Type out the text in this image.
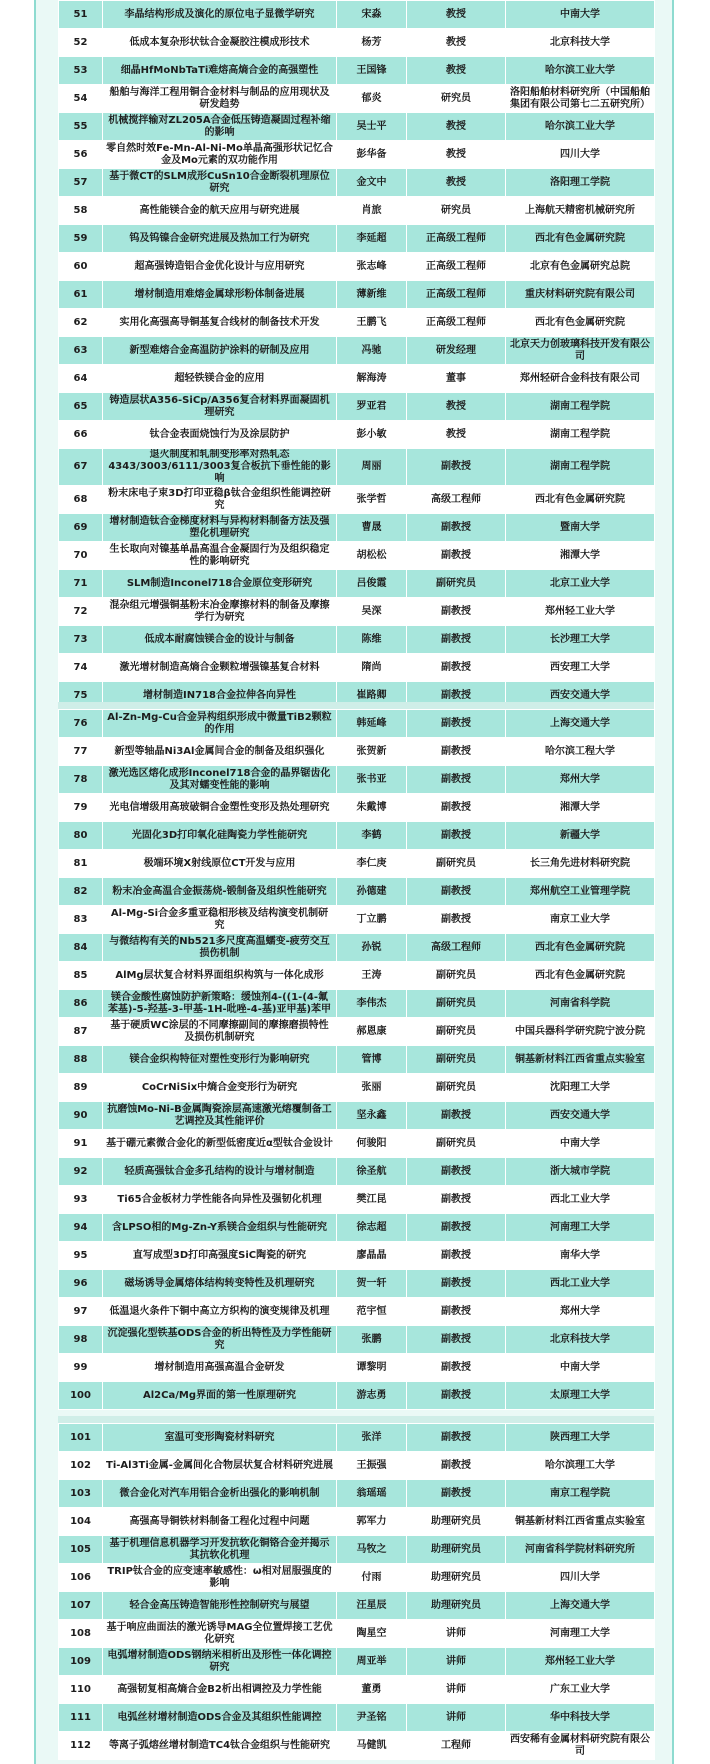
51	李晶结构形成及演化的原位电子显微学研究	宋淼	教授	中南大学
52	低成本复杂形状钛合金凝胶注模成形技术	杨芳	教授	北京科技大学
53	细晶HfMoNbTaTi难熔高熵合金的高强塑性	王国锋	教授	哈尔滨工业大学
54	船舶与海洋工程用铜合金材料与制品的应用现状及研发趋势	郁炎	研究员	洛阳船舶材料研究所（中国船舶集团有限公司第七二五研究所）
55	机械搅拌输对ZL205A合金低压铸造凝固过程补缩的影响	吴士平	教授	哈尔滨工业大学
56	零自然时效Fe-Mn-Al-Ni-Mo单晶高强形状记忆合金及Mo元素的双功能作用	彭华备	教授	四川大学
57	基于微CT的SLM成形CuSn10合金断裂机理原位研究	金文中	教授	洛阳理工学院
58	高性能镁合金的航天应用与研究进展	肖旅	研究员	上海航天精密机械研究所
59	钨及钨镍合金研究进展及热加工行为研究	李延超	正高级工程师	西北有色金属研究院
60	超高强铸造铝合金优化设计与应用研究	张志峰	正高级工程师	北京有色金属研究总院
61	增材制造用难熔金属球形粉体制备进展	薄新维	正高级工程师	重庆材料研究院有限公司
62	实用化高强高导铜基复合线材的制备技术开发	王鹏飞	正高级工程师	西北有色金属研究院
63	新型难熔合金高温防护涂料的研制及应用	冯驰	研发经理	北京天力创玻璃科技开发有限公司
64	超轻铁镁合金的应用	解海涛	董事	郑州轻研合金科技有限公司
65	铸造层状A356-SiCp/A356复合材料界面凝固机理研究	罗亚君	教授	湖南工程学院
66	钛合金表面烧蚀行为及涂层防护	彭小敏	教授	湖南工程学院
67	退火制度和轧制变形率对热轧态4343/3003/6111/3003复合板抗下垂性能的影响	周丽	副教授	湖南工程学院
68	粉末床电子束3D打印亚稳β钛合金组织性能调控研究	张学哲	高级工程师	西北有色金属研究院
69	增材制造钛合金梯度材料与异构材料制备方法及强塑化机理研究	曹晟	副教授	暨南大学
70	生长取向对镍基单晶高温合金凝固行为及组织稳定性的影响研究	胡松松	副教授	湘潭大学
71	SLM制造Inconel718合金原位变形研究	吕俊霞	副研究员	北京工业大学
72	混杂组元增强铜基粉末冶金摩擦材料的制备及摩擦学行为研究	吴深	副教授	郑州轻工业大学
73	低成本耐腐蚀镁合金的设计与制备	陈维	副教授	长沙理工大学
74	激光增材制造高熵合金颗粒增强镍基复合材料	隋尚	副教授	西安理工大学
75	增材制造IN718合金拉伸各向异性	崔路卿	副教授	西安交通大学
76	Al-Zn-Mg-Cu合金异构组织形成中微量TiB2颗粒的作用	韩延峰	副教授	上海交通大学
77	新型等轴晶Ni3Al金属间合金的制备及组织强化	张贺新	副教授	哈尔滨工程大学
78	激光选区熔化成形Inconel718合金的晶界锯齿化及其对蠕变性能的影响	张书亚	副教授	郑州大学
79	光电信增级用高玻破铜合金塑性变形及热处理研究	朱戴博	副教授	湘潭大学
80	光固化3D打印氧化硅陶瓷力学性能研究	李鹤	副教授	新疆大学
81	极端环境X射线原位CT开发与应用	李仁庚	副研究员	长三角先进材料研究院
82	粉末冶金高温合金振荡烧-锻制备及组织性能研究	孙德建	副教授	郑州航空工业管理学院
83	Al-Mg-Si合金多重亚稳相形核及结构演变机制研究	丁立鹏	副教授	南京工业大学
84	与微结构有关的Nb521多尺度高温蠕变-疲劳交互损伤机制	孙锐	高级工程师	西北有色金属研究院
85	AlMg层状复合材料界面组织构筑与一体化成形	王涛	副研究员	西北有色金属研究院
86	镁合金酸性腐蚀防护新策略：缓蚀剂4-((1-(4-氟苯基)-5-羟基-3-甲基-1H-吡唑-4-基)亚甲基)苯甲	李伟杰	副研究员	河南省科学院
87	基于硬质WC涂层的不同摩擦副间的摩擦磨损特性及损伤机制研究	郝恩康	副研究员	中国兵器科学研究院宁波分院
88	镁合金织构特征对塑性变形行为影响研究	管博	副研究员	铜基新材料江西省重点实验室
89	CoCrNiSix中熵合金变形行为研究	张丽	副研究员	沈阳理工大学
90	抗磨蚀Mo-Ni-B金属陶瓷涂层高速激光熔覆制备工艺调控及其性能评价	坚永鑫	副教授	西安交通大学
91	基于硼元素微合金化的新型低密度近α型钛合金设计	何骏阳	副研究员	中南大学
92	轻质高强钛合金多孔结构的设计与增材制造	徐圣航	副教授	浙大城市学院
93	Ti65合金板材力学性能各向异性及强韧化机理	樊江昆	副教授	西北工业大学
94	含LPSO相的Mg-Zn-Y系镁合金组织与性能研究	徐志超	副教授	河南理工大学
95	直写成型3D打印高强度SiC陶瓷的研究	廖晶晶	副教授	南华大学
96	磁场诱导金属熔体结构转变特性及机理研究	贺一轩	副教授	西北工业大学
97	低温退火条件下铜中高立方织构的演变规律及机理	范宇恒	副教授	郑州大学
98	沉淀强化型铁基ODS合金的析出特性及力学性能研究	张鹏	副教授	北京科技大学
99	增材制造用高强高温合金研发	谭黎明	副教授	中南大学
100	Al2Ca/Mg界面的第一性原理研究	游志勇	副教授	太原理工大学
101	室温可变形陶瓷材料研究	张洋	副教授	陕西理工大学
102	Ti-Al3Ti金属-金属间化合物层状复合材料研究进展	王振强	副教授	哈尔滨理工大学
103	微合金化对汽车用铝合金析出强化的影响机制	翁瑶瑶	副教授	南京工程学院
104	高强高导铜铁材料制备工程化过程中问题	郭军力	助理研究员	铜基新材料江西省重点实验室
105	基于机理信息机器学习开发抗软化铜铬合金并揭示其抗软化机理	马牧之	助理研究员	河南省科学院材料研究所
106	TRIP钛合金的应变速率敏感性：ω相对屈服强度的影响	付雨	助理研究员	四川大学
107	轻合金高压铸造智能形性控制研究与展望	汪星辰	助理研究员	上海交通大学
108	基于响应曲面法的激光诱导MAG全位置焊接工艺优化研究	陶星空	讲师	河南理工大学
109	电弧增材制造ODS钢纳米相析出及形性一体化调控研究	周亚举	讲师	郑州轻工业大学
110	高强韧复相高熵合金B2析出相调控及力学性能	董勇	讲师	广东工业大学
111	电弧丝材增材制造ODS合金及其组织性能调控	尹圣铭	讲师	华中科技大学
112	等离子弧熔丝增材制造TC4钛合金组织与性能研究	马健凯	工程师	西安稀有金属材料研究院有限公司
